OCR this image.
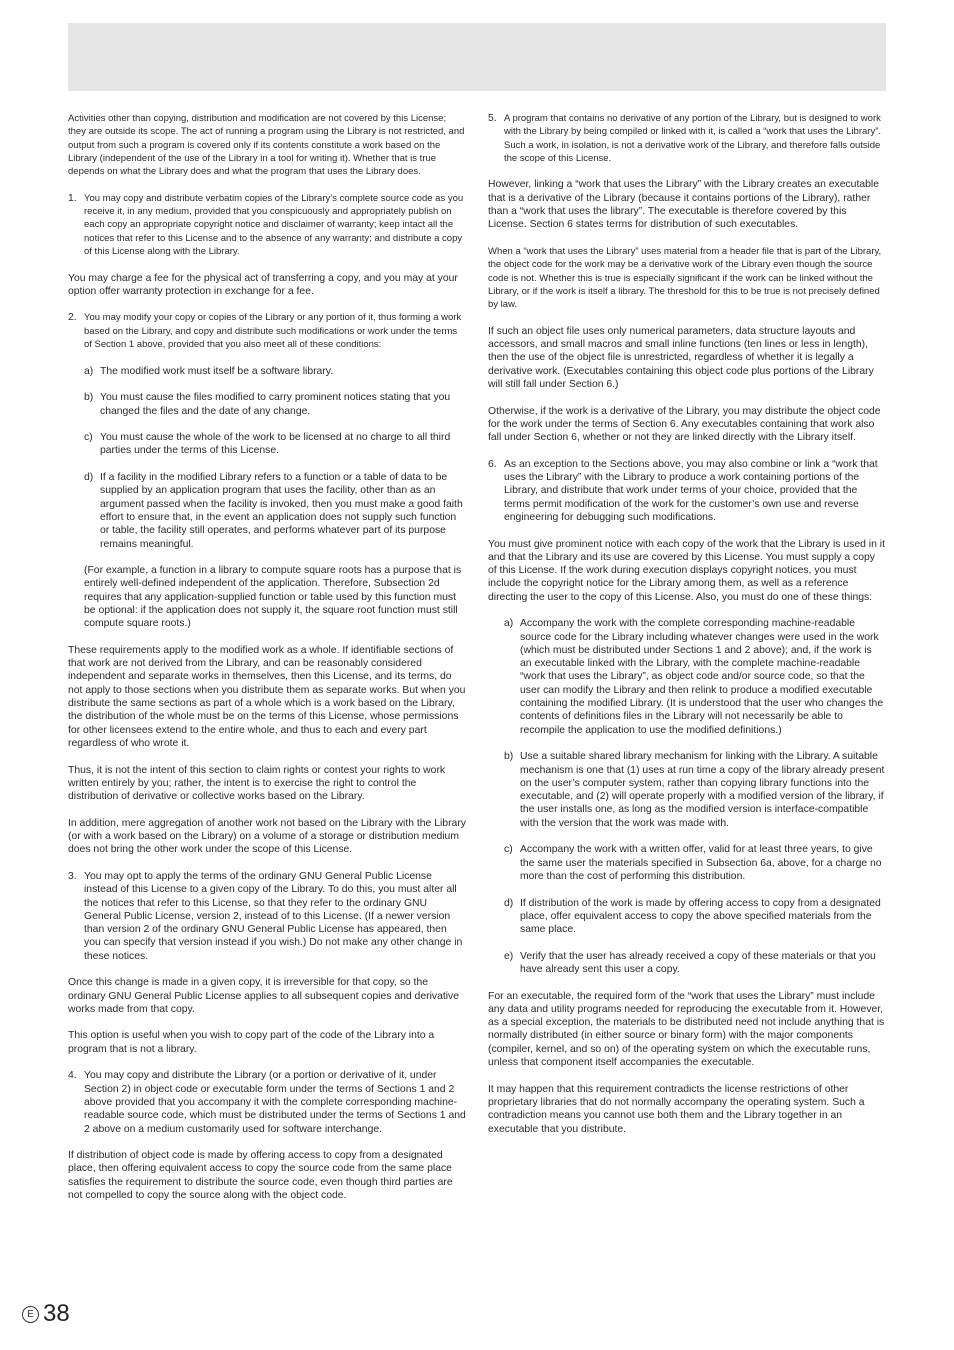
Activities other than copying, distribution and modification are not covered by this License; they are outside its scope. The act of running a program using the Library is not restricted, and output from such a program is covered only if its contents constitute a work based on the Library (independent of the use of the Library in a tool for writing it). Whether that is true depends on what the Library does and what the program that uses the Library does.

1. You may copy and distribute verbatim copies of the Library’s complete source code as you receive it, in any medium, provided that you conspicuously and appropriately publish on each copy an appropriate copyright notice and disclaimer of warranty; keep intact all the notices that refer to this License and to the absence of any warranty; and distribute a copy of this License along with the Library.

You may charge a fee for the physical act of transferring a copy, and you may at your option offer warranty protection in exchange for a fee.

2. You may modify your copy or copies of the Library or any portion of it, thus forming a work based on the Library, and copy and distribute such modifications or work under the terms of Section 1 above, provided that you also meet all of these conditions:
a) The modified work must itself be a software library.
b) You must cause the files modified to carry prominent notices stating that you changed the files and the date of any change.
c) You must cause the whole of the work to be licensed at no charge to all third parties under the terms of this License.
d) If a facility in the modified Library refers to a function or a table of data to be supplied by an application program that uses the facility, other than as an argument passed when the facility is invoked, then you must make a good faith effort to ensure that, in the event an application does not supply such function or table, the facility still operates, and performs whatever part of its purpose remains meaningful.

(For example, a function in a library to compute square roots has a purpose that is entirely well-defined independent of the application. Therefore, Subsection 2d requires that any application-supplied function or table used by this function must be optional: if the application does not supply it, the square root function must still compute square roots.)

These requirements apply to the modified work as a whole. If identifiable sections of that work are not derived from the Library, and can be reasonably considered independent and separate works in themselves, then this License, and its terms, do not apply to those sections when you distribute them as separate works. But when you distribute the same sections as part of a whole which is a work based on the Library, the distribution of the whole must be on the terms of this License, whose permissions for other licensees extend to the entire whole, and thus to each and every part regardless of who wrote it.

Thus, it is not the intent of this section to claim rights or contest your rights to work written entirely by you; rather, the intent is to exercise the right to control the distribution of derivative or collective works based on the Library.

In addition, mere aggregation of another work not based on the Library with the Library (or with a work based on the Library) on a volume of a storage or distribution medium does not bring the other work under the scope of this License.

3. You may opt to apply the terms of the ordinary GNU General Public License instead of this License to a given copy of the Library. To do this, you must alter all the notices that refer to this License, so that they refer to the ordinary GNU General Public License, version 2, instead of to this License. (If a newer version than version 2 of the ordinary GNU General Public License has appeared, then you can specify that version instead if you wish.) Do not make any other change in these notices.

Once this change is made in a given copy, it is irreversible for that copy, so the ordinary GNU General Public License applies to all subsequent copies and derivative works made from that copy.

This option is useful when you wish to copy part of the code of the Library into a program that is not a library.

4. You may copy and distribute the Library (or a portion or derivative of it, under Section 2) in object code or executable form under the terms of Sections 1 and 2 above provided that you accompany it with the complete corresponding machine-readable source code, which must be distributed under the terms of Sections 1 and 2 above on a medium customarily used for software interchange.

If distribution of object code is made by offering access to copy from a designated place, then offering equivalent access to copy the source code from the same place satisfies the requirement to distribute the source code, even though third parties are not compelled to copy the source along with the object code.

5. A program that contains no derivative of any portion of the Library, but is designed to work with the Library by being compiled or linked with it, is called a “work that uses the Library”. Such a work, in isolation, is not a derivative work of the Library, and therefore falls outside the scope of this License.

However, linking a “work that uses the Library” with the Library creates an executable that is a derivative of the Library (because it contains portions of the Library), rather than a “work that uses the library”. The executable is therefore covered by this License. Section 6 states terms for distribution of such executables.

When a “work that uses the Library” uses material from a header file that is part of the Library, the object code for the work may be a derivative work of the Library even though the source code is not. Whether this is true is especially significant if the work can be linked without the Library, or if the work is itself a library. The threshold for this to be true is not precisely defined by law.

If such an object file uses only numerical parameters, data structure layouts and accessors, and small macros and small inline functions (ten lines or less in length), then the use of the object file is unrestricted, regardless of whether it is legally a derivative work. (Executables containing this object code plus portions of the Library will still fall under Section 6.)

Otherwise, if the work is a derivative of the Library, you may distribute the object code for the work under the terms of Section 6. Any executables containing that work also fall under Section 6, whether or not they are linked directly with the Library itself.

6. As an exception to the Sections above, you may also combine or link a “work that uses the Library” with the Library to produce a work containing portions of the Library, and distribute that work under terms of your choice, provided that the terms permit modification of the work for the customer’s own use and reverse engineering for debugging such modifications.

You must give prominent notice with each copy of the work that the Library is used in it and that the Library and its use are covered by this License. You must supply a copy of this License. If the work during execution displays copyright notices, you must include the copyright notice for the Library among them, as well as a reference directing the user to the copy of this License. Also, you must do one of these things:

a) Accompany the work with the complete corresponding machine-readable source code for the Library including whatever changes were used in the work (which must be distributed under Sections 1 and 2 above); and, if the work is an executable linked with the Library, with the complete machine-readable “work that uses the Library”, as object code and/or source code, so that the user can modify the Library and then relink to produce a modified executable containing the modified Library. (It is understood that the user who changes the contents of definitions files in the Library will not necessarily be able to recompile the application to use the modified definitions.)
b) Use a suitable shared library mechanism for linking with the Library. A suitable mechanism is one that (1) uses at run time a copy of the library already present on the user’s computer system, rather than copying library functions into the executable, and (2) will operate properly with a modified version of the library, if the user installs one, as long as the modified version is interface-compatible with the version that the work was made with.
c) Accompany the work with a written offer, valid for at least three years, to give the same user the materials specified in Subsection 6a, above, for a charge no more than the cost of performing this distribution.
d) If distribution of the work is made by offering access to copy from a designated place, offer equivalent access to copy the above specified materials from the same place.
e) Verify that the user has already received a copy of these materials or that you have already sent this user a copy.

For an executable, the required form of the “work that uses the Library” must include any data and utility programs needed for reproducing the executable from it. However, as a special exception, the materials to be distributed need not include anything that is normally distributed (in either source or binary form) with the major components (compiler, kernel, and so on) of the operating system on which the executable runs, unless that component itself accompanies the executable.

It may happen that this requirement contradicts the license restrictions of other proprietary libraries that do not normally accompany the operating system. Such a contradiction means you cannot use both them and the Library together in an executable that you distribute.

E 38
